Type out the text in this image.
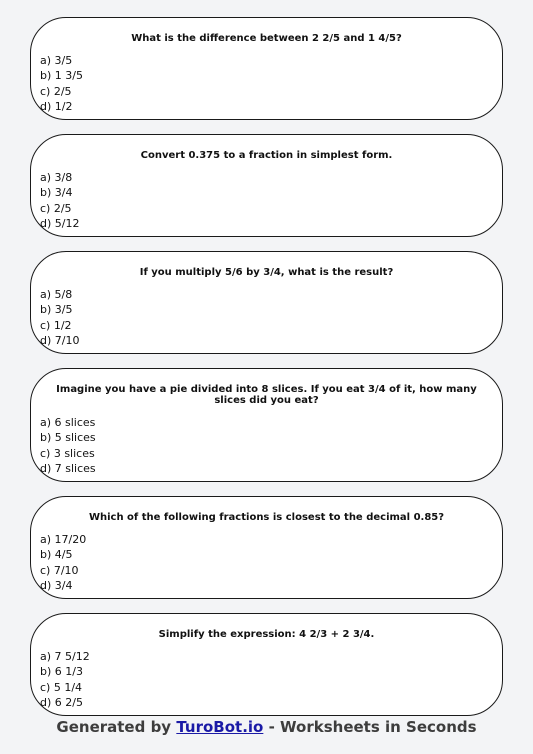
What is the difference between 2 2/5 and 1 4/5?
a) 3/5
b) 1 3/5
c) 2/5
d) 1/2
Convert 0.375 to a fraction in simplest form.
a) 3/8
b) 3/4
c) 2/5
d) 5/12
If you multiply 5/6 by 3/4, what is the result?
a) 5/8
b) 3/5
c) 1/2
d) 7/10
Imagine you have a pie divided into 8 slices. If you eat 3/4 of it, how many slices did you eat?
a) 6 slices
b) 5 slices
c) 3 slices
d) 7 slices
Which of the following fractions is closest to the decimal 0.85?
a) 17/20
b) 4/5
c) 7/10
d) 3/4
Simplify the expression: 4 2/3 + 2 3/4.
a) 7 5/12
b) 6 1/3
c) 5 1/4
d) 6 2/5
Generated by TuroBot.io - Worksheets in Seconds
